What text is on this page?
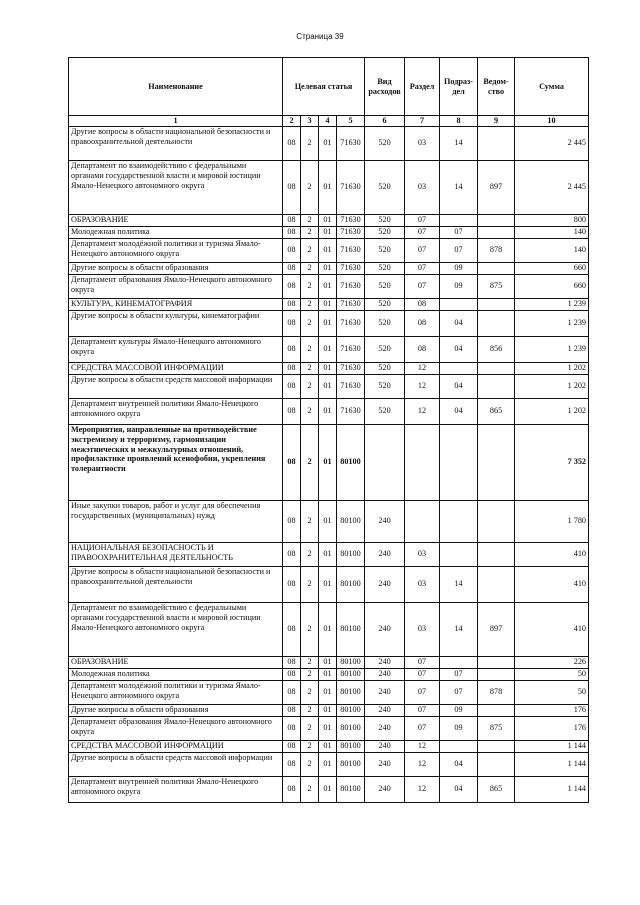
Страница 39
Наименование	Целевая статья				Вид расходов	Раздел	Подраз-дел	Ведом-ство	Сумма
1	2	3	4	5	6	7	8	9	10
Другие вопросы в области национальной безопасности и правоохранительной деятельности	08	2	01	71630	520	03	14		2 445
Департамент по взаимодействию с федеральными органами государственной власти и мировой юстиции Ямало-Ненецкого автономного округа	08	2	01	71630	520	03	14	897	2 445
ОБРАЗОВАНИЕ	08	2	01	71630	520	07			800
Молодежная политика	08	2	01	71630	520	07	07		140
Департамент молодёжной политики и туризма Ямало-Ненецкого автономного округа	08	2	01	71630	520	07	07	878	140
Другие вопросы в области образования	08	2	01	71630	520	07	09		660
Департамент образования Ямало-Ненецкого автономного округа	08	2	01	71630	520	07	09	875	660
КУЛЬТУРА, КИНЕМАТОГРАФИЯ	08	2	01	71630	520	08			1 239
Другие вопросы в области культуры, кинематографии	08	2	01	71630	520	08	04		1 239
Департамент культуры Ямало-Ненецкого автономного округа	08	2	01	71630	520	08	04	856	1 239
СРЕДСТВА МАССОВОЙ ИНФОРМАЦИИ	08	2	01	71630	520	12			1 202
Другие вопросы в области средств массовой информации	08	2	01	71630	520	12	04		1 202
Департамент внутренней политики Ямало-Ненецкого автономного округа	08	2	01	71630	520	12	04	865	1 202
Мероприятия, направленные на противодействие экстремизму и терроризму, гармонизации межэтнических и межкультурных отношений, профилактике проявлений ксенофобии, укрепления толерантности	08	2	01	80100					7 352
Иные закупки товаров, работ и услуг для обеспечения государственных (муниципальных) нужд	08	2	01	80100	240				1 780
НАЦИОНАЛЬНАЯ БЕЗОПАСНОСТЬ И ПРАВООХРАНИТЕЛЬНАЯ ДЕЯТЕЛЬНОСТЬ	08	2	01	80100	240	03			410
Другие вопросы в области национальной безопасности и правоохранительной деятельности	08	2	01	80100	240	03	14		410
Департамент по взаимодействию с федеральными органами государственной власти и мировой юстиции Ямало-Ненецкого автономного округа	08	2	01	80100	240	03	14	897	410
ОБРАЗОВАНИЕ	08	2	01	80100	240	07			226
Молодежная политика	08	2	01	80100	240	07	07		50
Департамент молодёжной политики и туризма Ямало-Ненецкого автономного округа	08	2	01	80100	240	07	07	878	50
Другие вопросы в области образования	08	2	01	80100	240	07	09		176
Департамент образования Ямало-Ненецкого автономного округа	08	2	01	80100	240	07	09	875	176
СРЕДСТВА МАССОВОЙ ИНФОРМАЦИИ	08	2	01	80100	240	12			1 144
Другие вопросы в области средств массовой информации	08	2	01	80100	240	12	04		1 144
Департамент внутренней политики Ямало-Ненецкого автономного округа	08	2	01	80100	240	12	04	865	1 144
